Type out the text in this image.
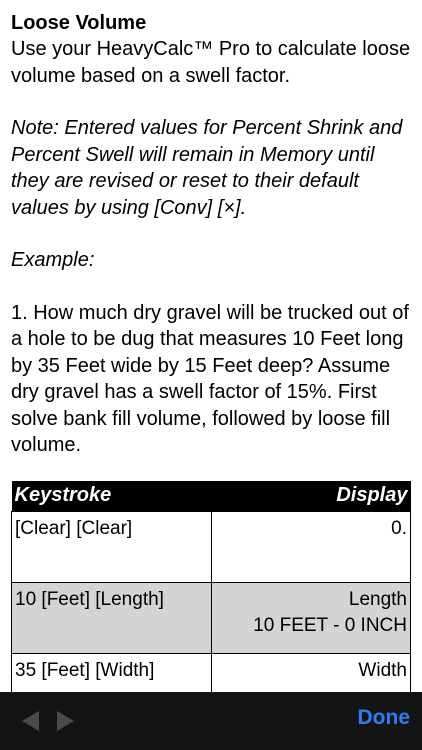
Loose Volume

Use your HeavyCalc™ Pro to calculate loose volume based on a swell factor.

Note: Entered values for Percent Shrink and Percent Swell will remain in Memory until they are revised or reset to their default values by using [Conv] [×].

Example:

1. How much dry gravel will be trucked out of a hole to be dug that measures 10 Feet long by 35 Feet wide by 15 Feet deep? Assume dry gravel has a swell factor of 15%. First solve bank fill volume, followed by loose fill volume.

Keystroke	Display
[Clear] [Clear]	0.

10 [Feet] [Length]	Length
10 FEET - 0 INCH

35 [Feet] [Width]	Width
Done
